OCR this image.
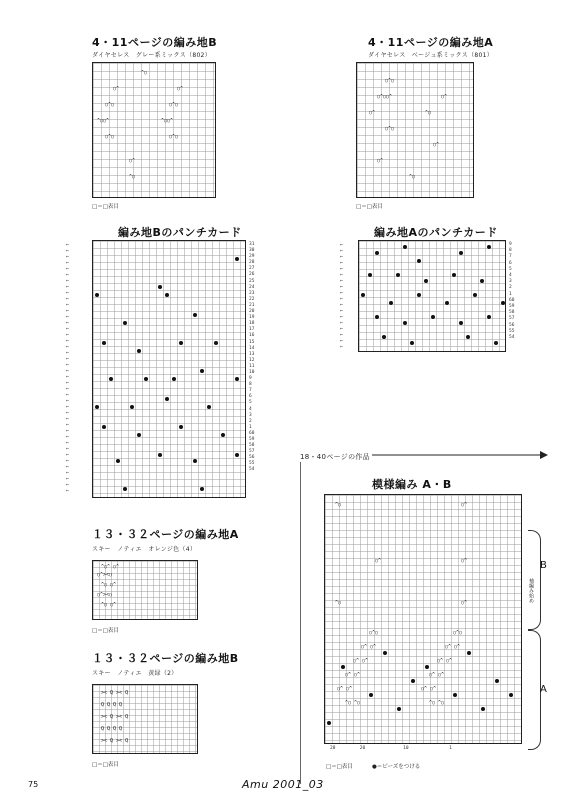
4・11ページの編み地B
ダイヤセレス　グレー系ミックス（802）
^○
○^	○^
○^○	○^○
^○○^	^○○^
○^○	○^○
○^
^○
□＝□表目
4・11ページの編み地A
ダイヤセレス　ベージュ系ミックス（801）
○^○
○^○○^	○^
○^	^○
○^○
○^
○^
^○
□＝□表目
編み地Bのパンチカード
⇐
⇐
⇐
⇐
⇐
⇐
⇐
⇐
⇐
⇐
⇐
⇐
⇐
⇐
⇐
⇐
⇐
⇐
⇐
⇐
⇐
⇐
⇐
⇐
⇐
⇐
⇐
⇐
⇐
⇐
⇐
⇐
⇐
⇐
⇐
⇐
⇐
⇐
⇐
⇐
⇐
⇐
31
30
29
28
27
26
25
24
23
22
21
20
19
18
17
16
15
14
13
12
11
10
9
8
7
6
5
4
3
2
1
60
59
58
57
56
55
54
編み地Aのパンチカード
⇐
⇐
⇐
⇐
⇐
⇐
⇐
⇐
⇐
⇐
⇐
⇐
⇐
⇐
⇐
⇐
⇐
⇐
9
8
7
6
5
4
3
2
1
60
59
58
57
56
55
54
１３・３２ページの編み地A
スキー　ノティエ　オレンジ色（4）
^○^ ○^
○^><○
^○ ○^
○^><○
^○ ○^
□＝□表目
１３・３２ページの編み地B
スキー　ノティエ　黄緑（2）
>< Q >< Q
Q Q Q Q
>< Q >< Q
Q Q Q Q
>< Q >< Q
□＝□表目
18・40ページの作品
模様編み A・B
^○	○^
○^	○^
^○	○^
○^○	○^○
○^ ○^	○^ ○^
○^ ○^	○^ ○^
○^ ○^	○^ ○^
○^ ○^	○^ ○^
^○ ^○	^○ ^○
28         20              10               1
B
A
袖編み始め
□＝□表目	●＝ビーズをつける
75	Amu 2001_03
